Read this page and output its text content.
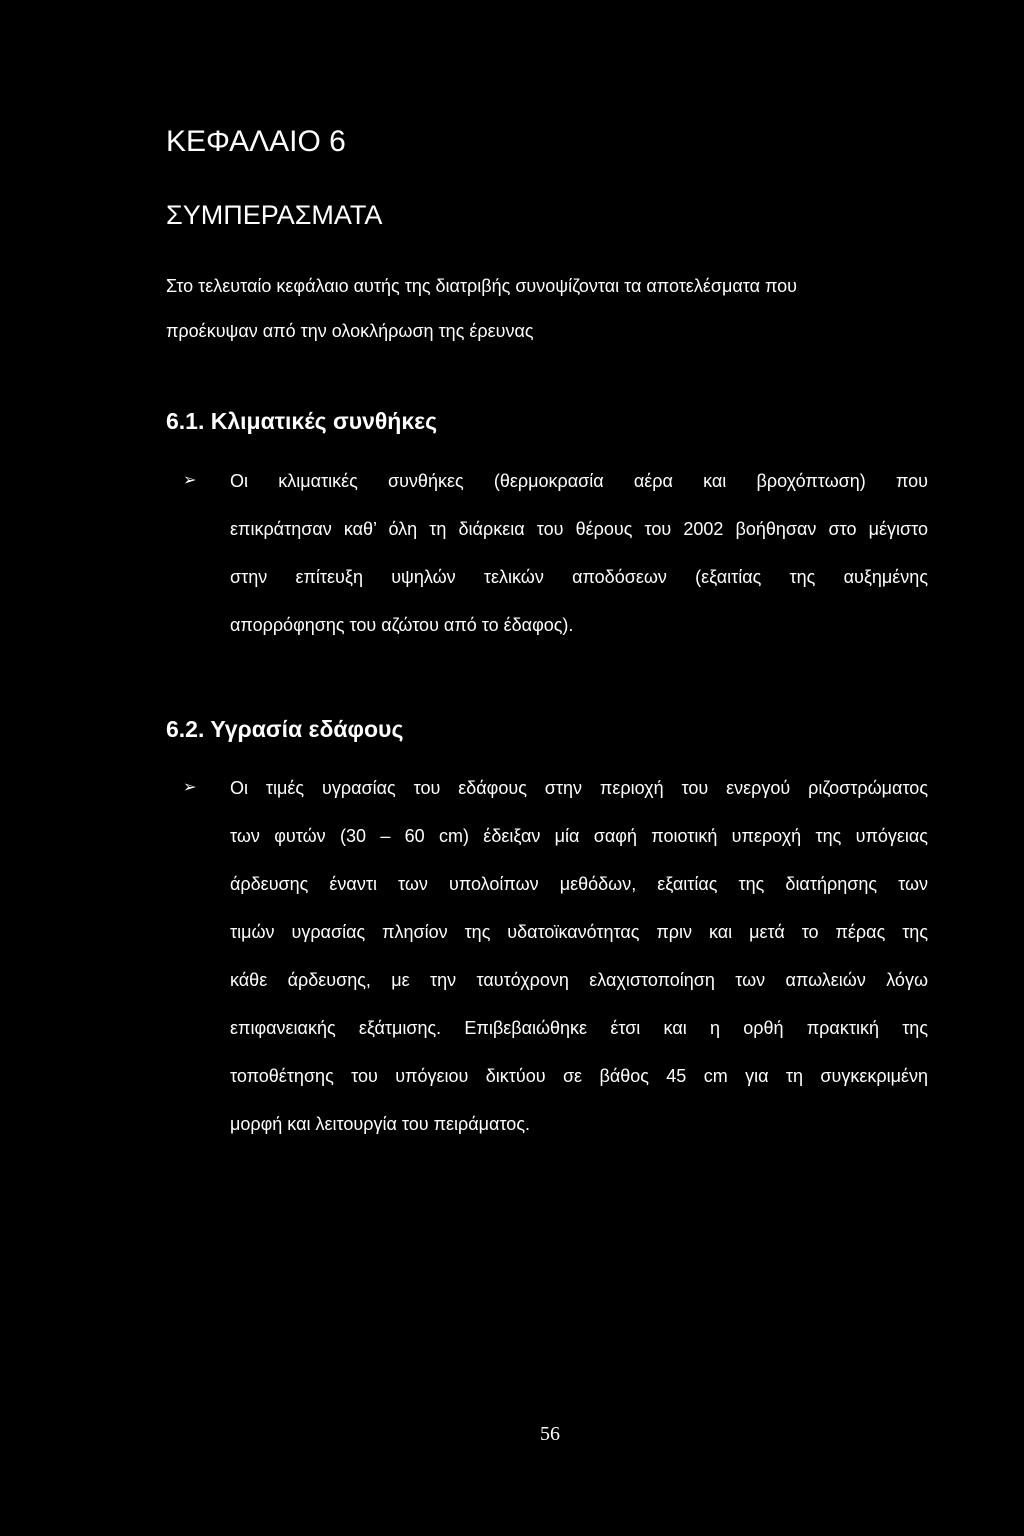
ΚΕΦΑΛΑΙΟ 6
ΣΥΜΠΕΡΑΣΜΑΤΑ

Στο τελευταίο κεφάλαιο αυτής της διατριβής συνοψίζονται τα αποτελέσματα που

προέκυψαν από την ολοκλήρωση της έρευνας

6.1. Κλιματικές συνθήκες
➢ Οι κλιματικές συνθήκες (θερμοκρασία αέρα και βροχόπτωση) που
επικράτησαν καθ’ όλη τη διάρκεια του θέρους του 2002 βοήθησαν στο μέγιστο
στην επίτευξη υψηλών τελικών αποδόσεων (εξαιτίας της αυξημένης
απορρόφησης του αζώτου από το έδαφος).
6.2. Υγρασία εδάφους
➢ Οι τιμές υγρασίας του εδάφους στην περιοχή του ενεργού ριζοστρώματος
των φυτών (30 – 60 cm) έδειξαν μία σαφή ποιοτική υπεροχή της υπόγειας
άρδευσης έναντι των υπολοίπων μεθόδων, εξαιτίας της διατήρησης των
τιμών υγρασίας πλησίον της υδατοϊκανότητας πριν και μετά το πέρας της
κάθε άρδευσης, με την ταυτόχρονη ελαχιστοποίηση των απωλειών λόγω
επιφανειακής εξάτμισης. Επιβεβαιώθηκε έτσι και η ορθή πρακτική της
τοποθέτησης του υπόγειου δικτύου σε βάθος 45 cm για τη συγκεκριμένη
μορφή και λειτουργία του πειράματος.
56
